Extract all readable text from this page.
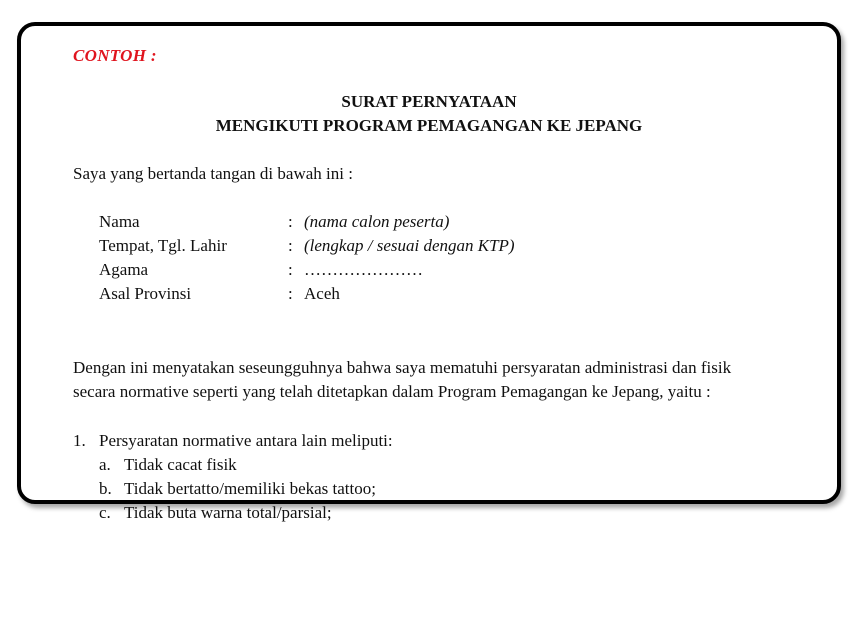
CONTOH :
SURAT PERNYATAAN
MENGIKUTI PROGRAM PEMAGANGAN KE JEPANG
Saya yang bertanda tangan di bawah ini :
Nama	: (nama calon peserta)
Tempat, Tgl. Lahir	: (lengkap / sesuai dengan KTP)
Agama	: …………………
Asal Provinsi	: Aceh
Dengan ini menyatakan seseungguhnya bahwa saya mematuhi persyaratan administrasi dan fisik
secara normative seperti yang telah ditetapkan dalam Program Pemagangan ke Jepang, yaitu :
1. Persyaratan normative antara lain meliputi:
a. Tidak cacat fisik
b. Tidak bertatto/memiliki bekas tattoo;
c. Tidak buta warna total/parsial;
